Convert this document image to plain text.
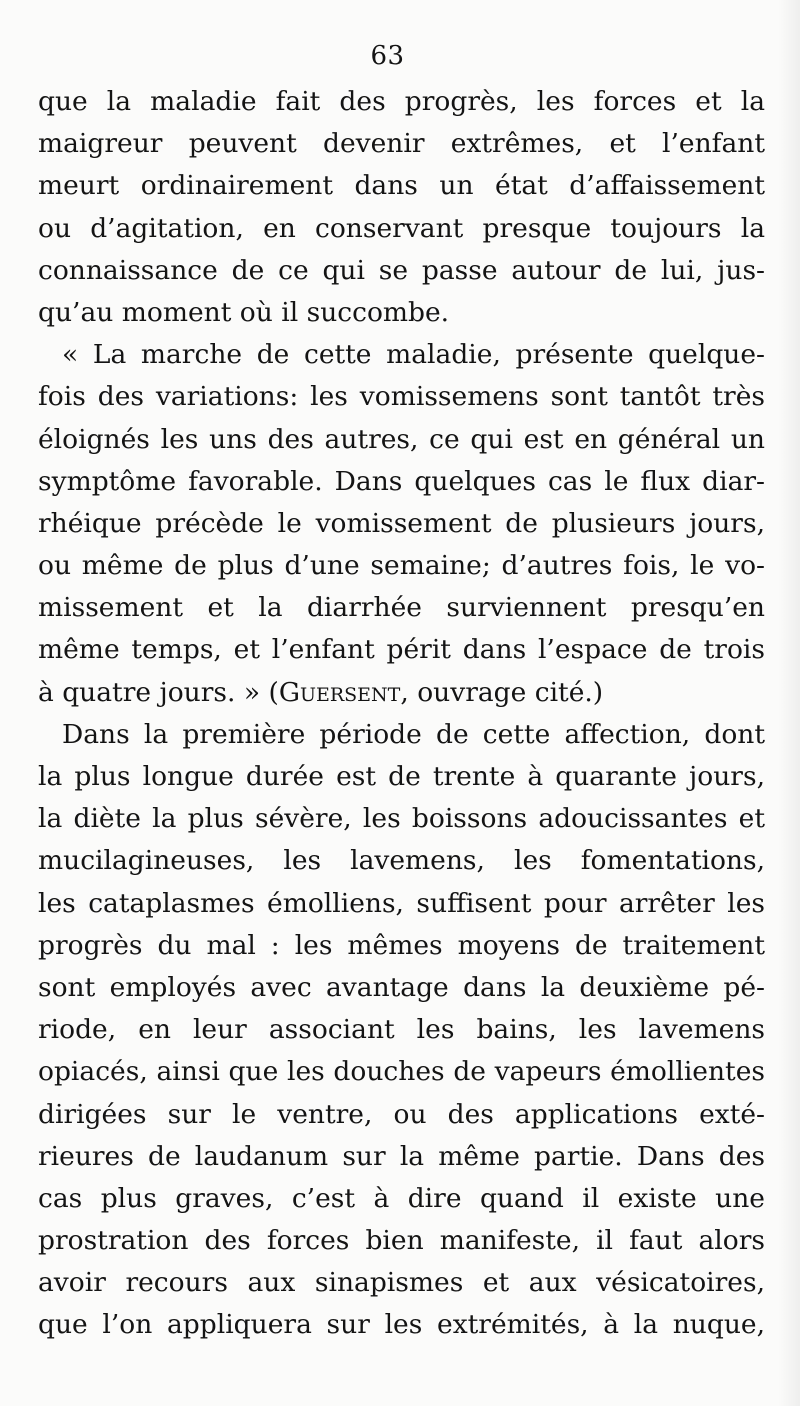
63
que la maladie fait des progrès, les forces et la
maigreur peuvent devenir extrêmes, et l’enfant
meurt ordinairement dans un état d’affaissement
ou d’agitation, en conservant presque toujours la
connaissance de ce qui se passe autour de lui, jus-
qu’au moment où il succombe.
« La marche de cette maladie, présente quelque-
fois des variations: les vomissemens sont tantôt très
éloignés les uns des autres, ce qui est en général un
symptôme favorable. Dans quelques cas le flux diar-
rhéique précède le vomissement de plusieurs jours,
ou même de plus d’une semaine; d’autres fois, le vo-
missement et la diarrhée surviennent presqu’en
même temps, et l’enfant périt dans l’espace de trois
à quatre jours. » (Guersent, ouvrage cité.)
Dans la première période de cette affection, dont
la plus longue durée est de trente à quarante jours,
la diète la plus sévère, les boissons adoucissantes et
mucilagineuses, les lavemens, les fomentations,
les cataplasmes émolliens, suffisent pour arrêter les
progrès du mal : les mêmes moyens de traitement
sont employés avec avantage dans la deuxième pé-
riode, en leur associant les bains, les lavemens
opiacés, ainsi que les douches de vapeurs émollientes
dirigées sur le ventre, ou des applications exté-
rieures de laudanum sur la même partie. Dans des
cas plus graves, c’est à dire quand il existe une
prostration des forces bien manifeste, il faut alors
avoir recours aux sinapismes et aux vésicatoires,
que l’on appliquera sur les extrémités, à la nuque,
